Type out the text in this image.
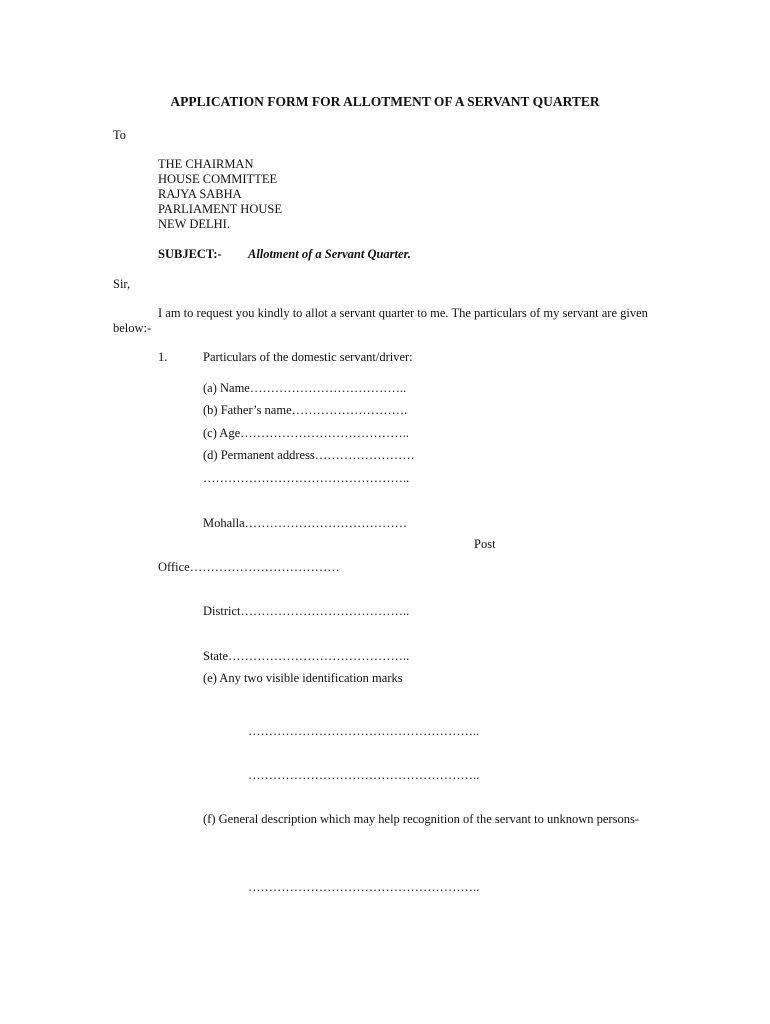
APPLICATION FORM FOR ALLOTMENT OF A SERVANT QUARTER
To
THE CHAIRMAN
HOUSE COMMITTEE
RAJYA SABHA
PARLIAMENT HOUSE
NEW DELHI.
SUBJECT:- Allotment of a Servant Quarter.
Sir,
I am to request you kindly to allot a servant quarter to me. The particulars of my servant are given
below:-
1.	Particulars of the domestic servant/driver:
(a) Name………………………………..
(b) Father’s name……………………….
(c) Age…………………………………..
(d) Permanent address……………………
…………………………………………..
Mohalla…………………………………
Post
Office………………………………
District…………………………………..
State……………………………………..
(e) Any two visible identification marks
………………………………………………..
………………………………………………..
(f) General description which may help recognition of the servant to unknown persons-
………………………………………………..
